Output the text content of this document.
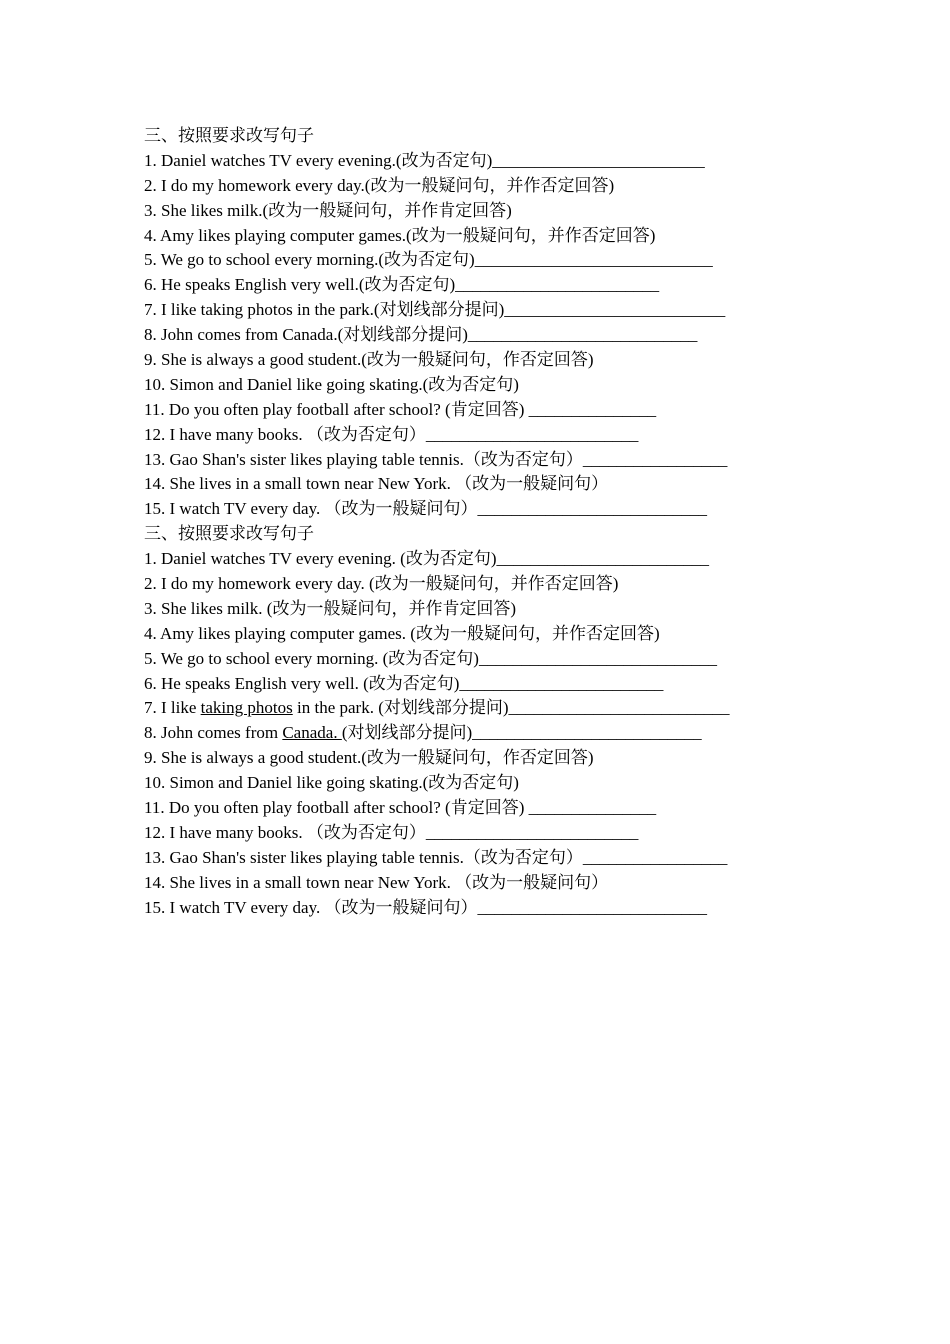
三、按照要求改写句子
1. Daniel watches TV every evening.(改为否定句)_________________________
2. I do my homework every day.(改为一般疑问句，并作否定回答)
3. She likes milk.(改为一般疑问句，并作肯定回答)
4. Amy likes playing computer games.(改为一般疑问句，并作否定回答)
5. We go to school every morning.(改为否定句)____________________________
6. He speaks English very well.(改为否定句)________________________
7. I like taking photos in the park.(对划线部分提问)__________________________
8. John comes from Canada.(对划线部分提问)___________________________
9. She is always a good student.(改为一般疑问句，作否定回答)
10. Simon and Daniel like going skating.(改为否定句)
11. Do you often play football after school? (肯定回答) _______________
12. I have many books. （改为否定句）_________________________
13. Gao Shan's sister likes playing table tennis.（改为否定句）_________________
14. She lives in a small town near New York. （改为一般疑问句）
15. I watch TV every day. （改为一般疑问句）___________________________
三、按照要求改写句子
1. Daniel watches TV every evening. (改为否定句)_________________________
2. I do my homework every day. (改为一般疑问句，并作否定回答)
3. She likes milk. (改为一般疑问句，并作肯定回答)
4. Amy likes playing computer games. (改为一般疑问句，并作否定回答)
5. We go to school every morning. (改为否定句)____________________________
6. He speaks English very well. (改为否定句)________________________
7. I like taking photos in the park. (对划线部分提问)__________________________
8. John comes from Canada. (对划线部分提问)___________________________
9. She is always a good student.(改为一般疑问句，作否定回答)
10. Simon and Daniel like going skating.(改为否定句)
11. Do you often play football after school? (肯定回答) _______________
12. I have many books. （改为否定句）_________________________
13. Gao Shan's sister likes playing table tennis.（改为否定句）_________________
14. She lives in a small town near New York. （改为一般疑问句）
15. I watch TV every day. （改为一般疑问句）___________________________
